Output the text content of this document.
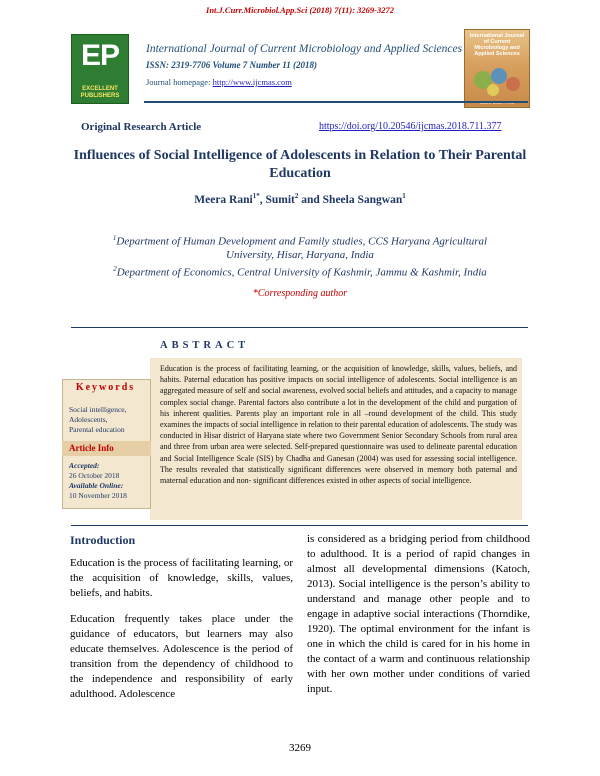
Int.J.Curr.Microbiol.App.Sci (2018) 7(11): 3269-3272
EP
EXCELLENT PUBLISHERS
International Journal of Current Microbiology and Applied Sciences
ISSN: 2319-7706 Volume 7 Number 11 (2018)
Journal homepage: http://www.ijcmas.com
International Journal of Current Microbiology and Applied Sciences
Original Research Article	https://doi.org/10.20546/ijcmas.2018.711.377
Influences of Social Intelligence of Adolescents in Relation to Their Parental Education
Meera Rani$^{1*}$, Sumit$^2$ and Sheela Sangwan$^1$
$^1$Department of Human Development and Family studies, CCS Haryana Agricultural University, Hisar, Haryana, India
$^2$Department of Economics, Central University of Kashmir, Jammu & Kashmir, India
*Corresponding author
ABSTRACT
Education is the process of facilitating learning, or the acquisition of knowledge, skills, values, beliefs, and habits. Paternal education has positive impacts on social intelligence of adolescents. Social intelligence is an aggregated measure of self and social awareness, evolved social beliefs and attitudes, and a capacity to manage complex social change. Parental factors also contribute a lot in the development of the child and purgation of his inherent qualities. Parents play an important role in all –round development of the child. This study examines the impacts of social intelligence in relation to their parental education of adolescents. The study was conducted in Hisar district of Haryana state where two Government Senior Secondary Schools from rural area and three from urban area were selected. Self-prepared questionnaire was used to delineate parental education and Social Intelligence Scale (SIS) by Chadha and Ganesan (2004) was used for assessing social intelligence. The results revealed that statistically significant differences were observed in memory both paternal and maternal education and non- significant differences existed in other aspects of social intelligence.
Keywords
Social intelligence,
Adolescents,
Parental education
Article Info
Accepted:
26 October 2018
Available Online:
10 November 2018
Introduction

Education is the process of facilitating learning, or the acquisition of knowledge, skills, values, beliefs, and habits.

Education frequently takes place under the guidance of educators, but learners may also educate themselves. Adolescence is the period of transition from the dependency of childhood to the independence and responsibility of early adulthood. Adolescence

is considered as a bridging period from childhood to adulthood. It is a period of rapid changes in almost all developmental dimensions (Katoch, 2013). Social intelligence is the person’s ability to understand and manage other people and to engage in adaptive social interactions (Thorndike, 1920). The optimal environment for the infant is one in which the child is cared for in his home in the contact of a warm and continuous relationship with her own mother under conditions of varied input.

3269
